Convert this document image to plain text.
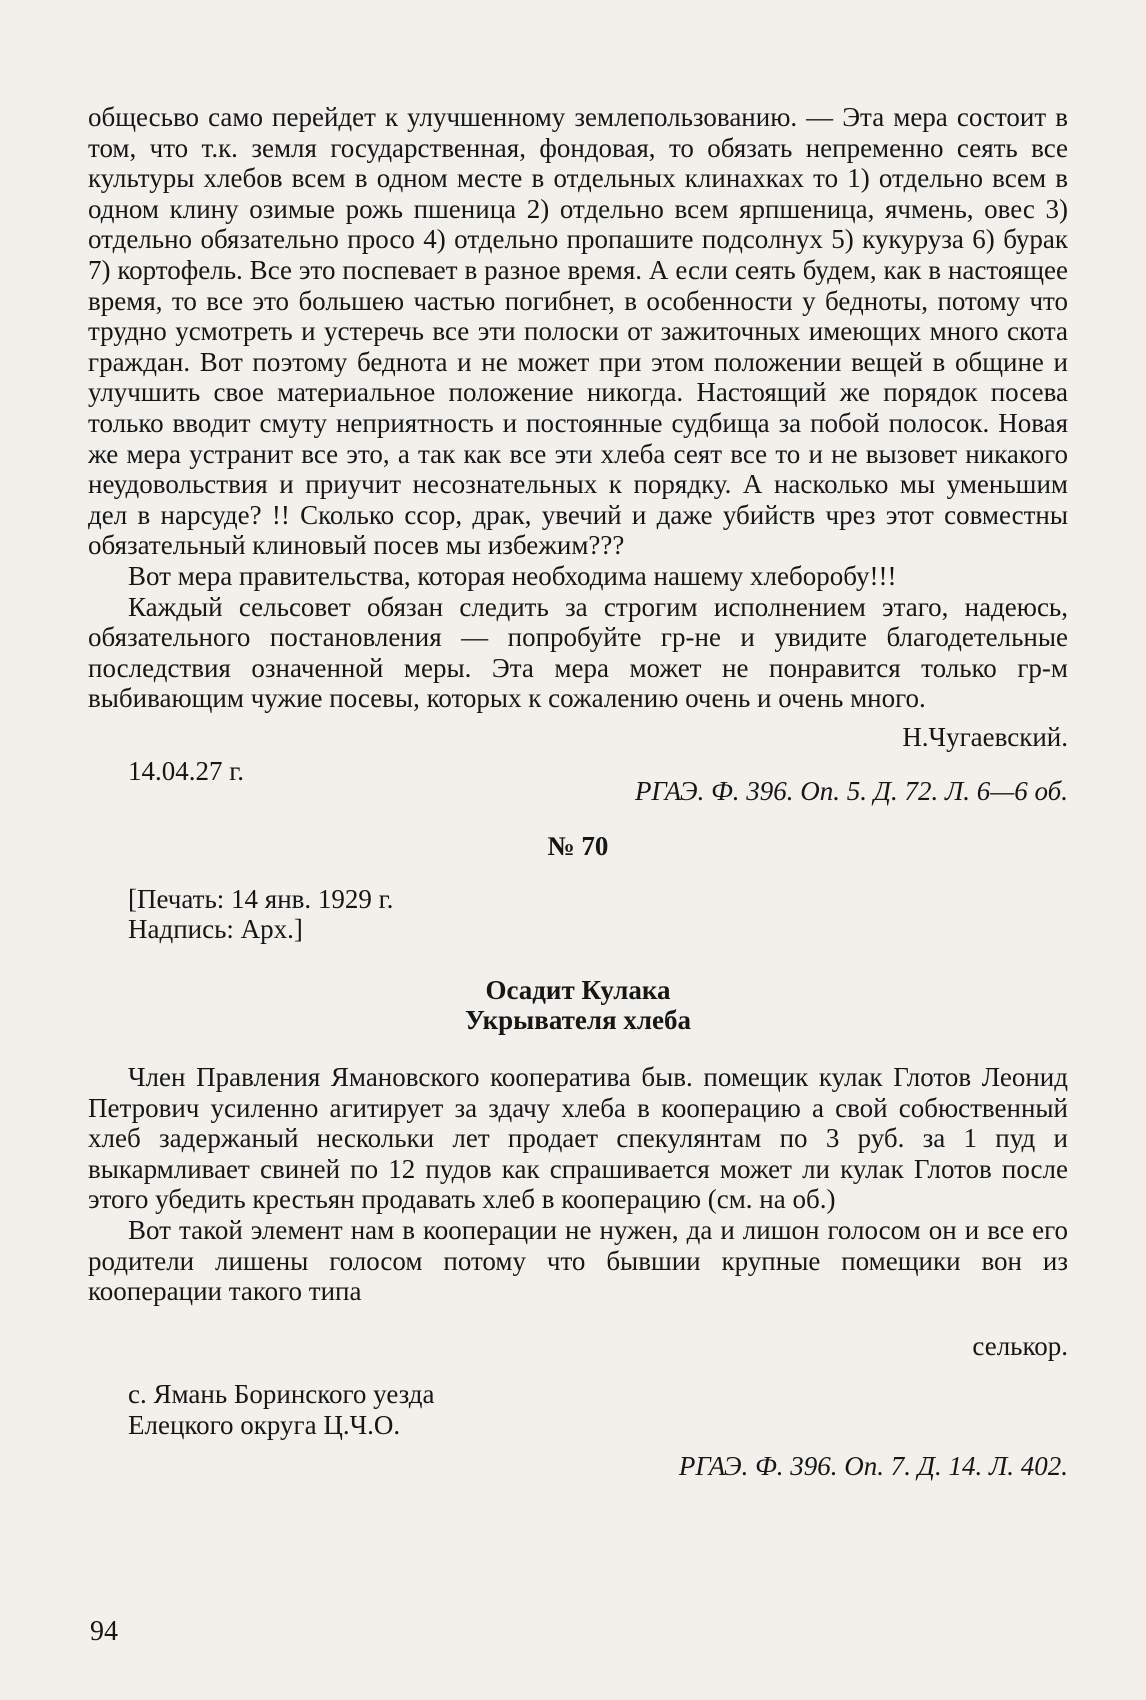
общесьво само перейдет к улучшенному землепользованию. — Эта мера состоит в том, что т.к. земля государственная, фондовая, то обязать непременно сеять все культуры хлебов всем в одном месте в отдельных клинахках то 1) отдельно всем в одном клину озимые рожь пшеница 2) отдельно всем ярпшеница, ячмень, овес 3) отдельно обязательно просо 4) отдельно пропашите подсолнух 5) кукуруза 6) бурак 7) кортофель. Все это поспевает в разное время. А если сеять будем, как в настоящее время, то все это большею частью погибнет, в особенности у бедноты, потому что трудно усмотреть и устеречь все эти полоски от зажиточных имеющих много скота граждан. Вот поэтому беднота и не может при этом положении вещей в общине и улучшить свое материальное положение никогда. Настоящий же порядок посева только вводит смуту неприятность и постоянные судбища за побой полосок. Новая же мера устранит все это, а так как все эти хлеба сеят все то и не вызовет никакого неудовольствия и приучит несознательных к порядку. А насколько мы уменьшим дел в нарсуде? !! Сколько ссор, драк, увечий и даже убийств чрез этот совместны обязательный клиновый посев мы избежим???

Вот мера правительства, которая необходима нашему хлеборобу!!!

Каждый сельсовет обязан следить за строгим исполнением этаго, надеюсь, обязательного постановления — попробуйте гр-не и увидите благодетельные последствия означенной меры. Эта мера может не понравится только гр-м выбивающим чужие посевы, которых к сожалению очень и очень много.

Н.Чугаевский.

14.04.27 г.
РГАЭ. Ф. 396. Оп. 5. Д. 72. Л. 6—6 об.

№ 70

[Печать: 14 янв. 1929 г.
Надпись: Арх.]
Осадит Кулака
Укрывателя хлеба

Член Правления Ямановского кооператива быв. помещик кулак Глотов Леонид Петрович усиленно агитирует за здачу хлеба в кооперацию а свой собюственный хлеб задержаный нескольки лет продает спекулянтам по 3 руб. за 1 пуд и выкармливает свиней по 12 пудов как спрашивается может ли кулак Глотов после этого убедить крестьян продавать хлеб в кооперацию (см. на об.)

Вот такой элемент нам в кооперации не нужен, да и лишон голосом он и все его родители лишены голосом потому что бывшии крупные помещики вон из кооперации такого типа

селькор.

с. Ямань Боринского уезда
Елецкого округа Ц.Ч.О.

РГАЭ. Ф. 396. Оп. 7. Д. 14. Л. 402.

94
